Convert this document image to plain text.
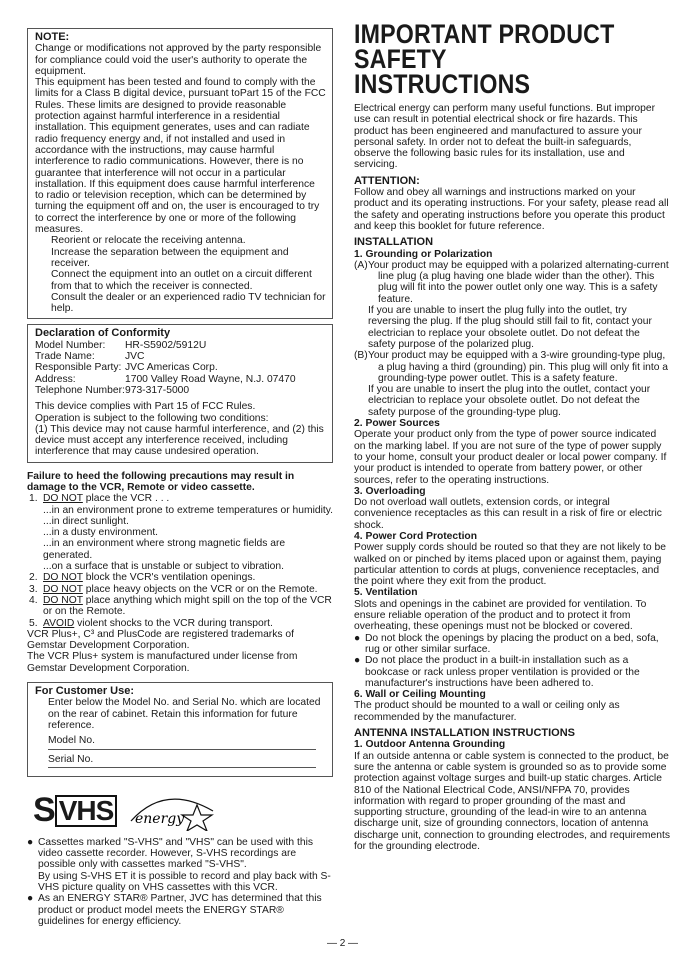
NOTE:

Change or modifications not approved by the party responsible for compliance could void the user's authority to operate the equipment.

This equipment has been tested and found to comply with the limits for a Class B digital device, pursuant toPart 15 of the FCC Rules. These limits are designed to provide reasonable protection against harmful interference in a residential installation. This equipment generates, uses and can radiate radio frequency energy and, if not installed and used in accordance with the instructions, may cause harmful interference to radio communications. However, there is no guarantee that interference will not occur in a particular installation. If this equipment does cause harmful interference to radio or television reception, which can be determined by turning the equipment off and on, the user is encouraged to try to correct the interference by one or more of the following measures.

Reorient or relocate the receiving antenna.

Increase the separation between the equipment and receiver.

Connect the equipment into an outlet on a circuit different from that to which the receiver is connected.

Consult the dealer or an experienced radio TV technician for help.

Declaration of Conformity
Model Number:	HR-S5902/5912U
Trade Name:	JVC
Responsible Party: JVC Americas Corp.
Address:	1700 Valley Road Wayne, N.J. 07470
Telephone Number: 973-317-5000

This device complies with Part 15 of FCC Rules.

Operation is subject to the following two conditions:

(1) This device may not cause harmful interference, and (2) this device must accept any interference received, including interference that may cause undesired operation.

Failure to heed the following precautions may result in damage to the VCR, Remote or video cassette.

1. DO NOT place the VCR . . .

...in an environment prone to extreme temperatures or humidity.

...in direct sunlight.

...in a dusty environment.

...in an environment where strong magnetic fields are generated.

...on a surface that is unstable or subject to vibration.

2. DO NOT block the VCR's ventilation openings.
3. DO NOT place heavy objects on the VCR or on the Remote.
4. DO NOT place anything which might spill on the top of the VCR or on the Remote.
5. AVOID violent shocks to the VCR during transport.

VCR Plus+, C³ and PlusCode are registered trademarks of Gemstar Development Corporation.

The VCR Plus+ system is manufactured under license from Gemstar Development Corporation.

For Customer Use:

Enter below the Model No. and Serial No. which are located on the rear of cabinet. Retain this information for future reference.

Model No.
Serial No.
S VHS energy
● Cassettes marked "S-VHS" and "VHS" can be used with this video cassette recorder. However, S-VHS recordings are possible only with cassettes marked "S-VHS".

By using S-VHS ET it is possible to record and play back with S-VHS picture quality on VHS cassettes with this VCR.

● As an ENERGY STAR® Partner, JVC has determined that this product or product model meets the ENERGY STAR® guidelines for energy efficiency.

IMPORTANT PRODUCT SAFETY
INSTRUCTIONS

Electrical energy can perform many useful functions. But improper use can result in potential electrical shock or fire hazards. This product has been engineered and manufactured to assure your personal safety. In order not to defeat the built-in safeguards, observe the following basic rules for its installation, use and servicing.

ATTENTION:

Follow and obey all warnings and instructions marked on your product and its operating instructions. For your safety, please read all the safety and operating instructions before you operate this product and keep this booklet for future reference.

INSTALLATION

1. Grounding or Polarization

(A) Your product may be equipped with a polarized alternating-current line plug (a plug having one blade wider than the other). This plug will fit into the power outlet only one way. This is a safety feature.

If you are unable to insert the plug fully into the outlet, try reversing the plug. If the plug should still fail to fit, contact your electrician to replace your obsolete outlet. Do not defeat the safety purpose of the polarized plug.

(B) Your product may be equipped with a 3-wire grounding-type plug, a plug having a third (grounding) pin. This plug will only fit into a grounding-type power outlet. This is a safety feature.

If you are unable to insert the plug into the outlet, contact your electrician to replace your obsolete outlet. Do not defeat the safety purpose of the grounding-type plug.

2. Power Sources

Operate your product only from the type of power source indicated on the marking label. If you are not sure of the type of power supply to your home, consult your product dealer or local power company. If your product is intended to operate from battery power, or other sources, refer to the operating instructions.

3. Overloading

Do not overload wall outlets, extension cords, or integral convenience receptacles as this can result in a risk of fire or electric shock.

4. Power Cord Protection

Power supply cords should be routed so that they are not likely to be walked on or pinched by items placed upon or against them, paying particular attention to cords at plugs, convenience receptacles, and the point where they exit from the product.

5. Ventilation

Slots and openings in the cabinet are provided for ventilation. To ensure reliable operation of the product and to protect it from overheating, these openings must not be blocked or covered.

● Do not block the openings by placing the product on a bed, sofa, rug or other similar surface.

● Do not place the product in a built-in installation such as a bookcase or rack unless proper ventilation is provided or the manufacturer's instructions have been adhered to.

6. Wall or Ceiling Mounting

The product should be mounted to a wall or ceiling only as recommended by the manufacturer.

ANTENNA INSTALLATION INSTRUCTIONS

1. Outdoor Antenna Grounding

If an outside antenna or cable system is connected to the product, be sure the antenna or cable system is grounded so as to provide some protection against voltage surges and built-up static charges. Article 810 of the National Electrical Code, ANSI/NFPA 70, provides information with regard to proper grounding of the mast and supporting structure, grounding of the lead-in wire to an antenna discharge unit, size of grounding connectors, location of antenna discharge unit, connection to grounding electrodes, and requirements for the grounding electrode.

— 2 —
